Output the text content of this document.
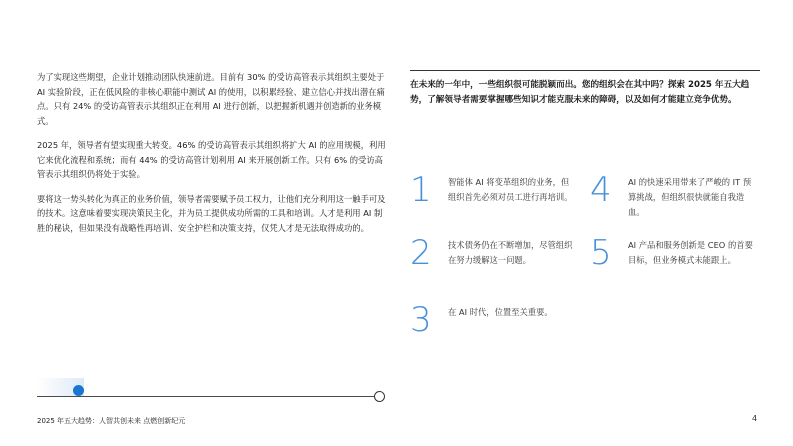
为了实现这些期望，企业计划推动团队快速前进。目前有 30% 的受访高管表示其组织主要处于 AI 实验阶段，正在低风险的非核心职能中测试 AI 的使用，以积累经验、建立信心并找出潜在痛点。只有 24% 的受访高管表示其组织正在利用 AI 进行创新，以把握新机遇并创造新的业务模式。

2025 年，领导者有望实现重大转变。46% 的受访高管表示其组织将扩大 AI 的应用规模，利用它来优化流程和系统；而有 44% 的受访高管计划利用 AI 来开展创新工作。只有 6% 的受访高管表示其组织仍将处于实验。

要将这一势头转化为真正的业务价值，领导者需要赋予员工权力，让他们充分利用这一触手可及的技术。这意味着要实现决策民主化，并为员工提供成功所需的工具和培训。人才是利用 AI 制胜的秘诀，但如果没有战略性再培训、安全护栏和决策支持，仅凭人才是无法取得成功的。

在未来的一年中，一些组织很可能脱颖而出。您的组织会在其中吗？探索 2025 年五大趋势，了解领导者需要掌握哪些知识才能克服未来的障碍，以及如何才能建立竞争优势。

1	智能体 AI 将变革组织的业务，但组织首先必须对员工进行再培训。
2	技术债务仍在不断增加，尽管组织在努力缓解这一问题。
3	在 AI 时代，位置至关重要。
4	AI 的快速采用带来了严峻的 IT 预算挑战，但组织很快就能自我造血。
5	AI 产品和服务创新是 CEO 的首要目标，但业务模式未能跟上。
2025 年五大趋势：人智共创未来 点燃创新纪元	4
